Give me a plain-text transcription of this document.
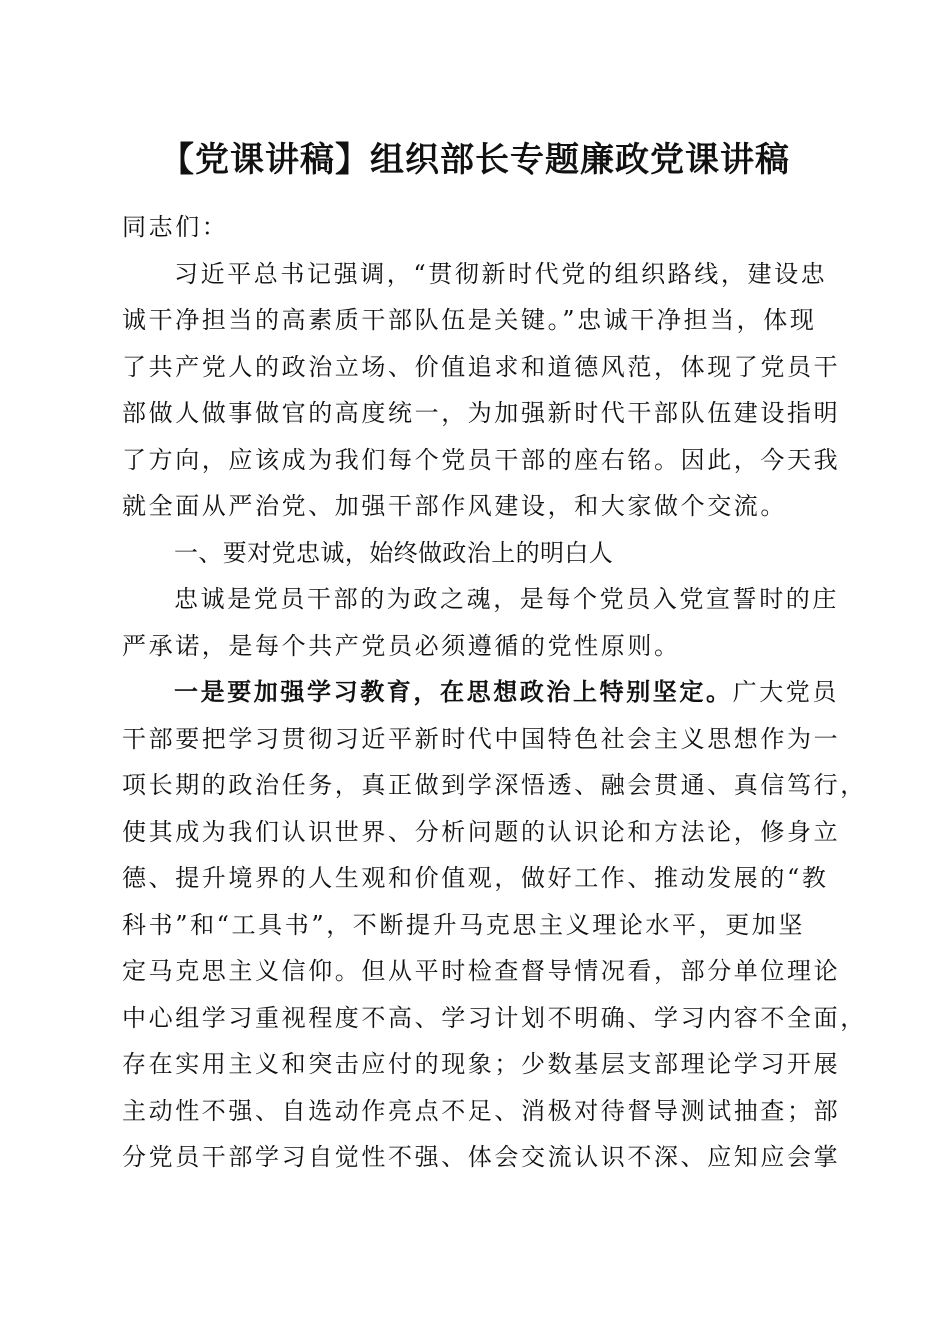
【党课讲稿】组织部长专题廉政党课讲稿
同志们：
习近平总书记强调，“贯彻新时代党的组织路线，建设忠
诚干净担当的高素质干部队伍是关键。”忠诚干净担当，体现
了共产党人的政治立场、价值追求和道德风范，体现了党员干
部做人做事做官的高度统一，为加强新时代干部队伍建设指明
了方向，应该成为我们每个党员干部的座右铭。因此，今天我
就全面从严治党、加强干部作风建设，和大家做个交流。
一、要对党忠诚，始终做政治上的明白人
忠诚是党员干部的为政之魂，是每个党员入党宣誓时的庄
严承诺，是每个共产党员必须遵循的党性原则。
一是要加强学习教育，在思想政治上特别坚定。广大党员
干部要把学习贯彻习近平新时代中国特色社会主义思想作为一
项长期的政治任务，真正做到学深悟透、融会贯通、真信笃行，
使其成为我们认识世界、分析问题的认识论和方法论，修身立
德、提升境界的人生观和价值观，做好工作、推动发展的“教
科书”和“工具书”，不断提升马克思主义理论水平，更加坚
定马克思主义信仰。但从平时检查督导情况看，部分单位理论
中心组学习重视程度不高、学习计划不明确、学习内容不全面，
存在实用主义和突击应付的现象；少数基层支部理论学习开展
主动性不强、自选动作亮点不足、消极对待督导测试抽查；部
分党员干部学习自觉性不强、体会交流认识不深、应知应会掌
